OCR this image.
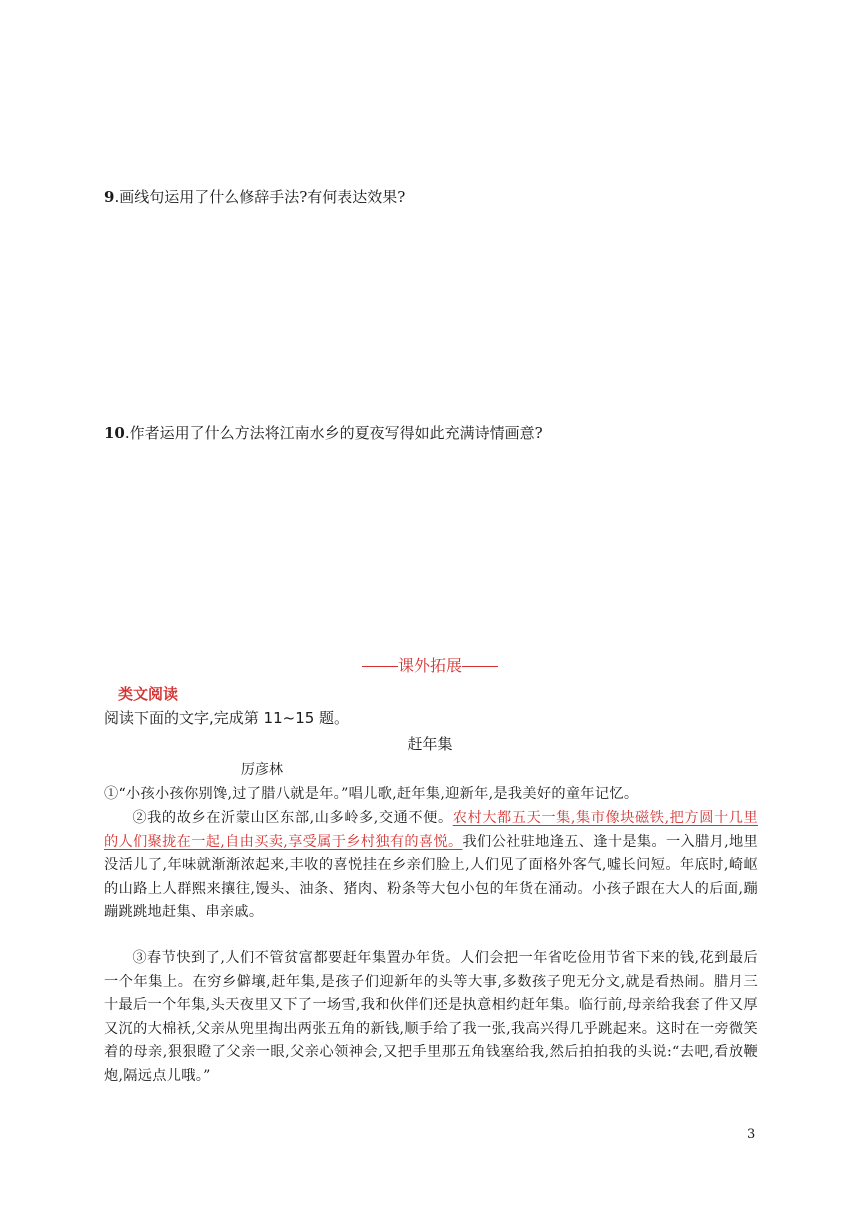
9.画线句运用了什么修辞手法?有何表达效果?
10.作者运用了什么方法将江南水乡的夏夜写得如此充满诗情画意?
课外拓展
类文阅读
阅读下面的文字,完成第 11~15 题。
赶年集
厉彦林
①“小孩小孩你别馋,过了腊八就是年。”唱儿歌,赶年集,迎新年,是我美好的童年记忆。
②我的故乡在沂蒙山区东部,山多岭多,交通不便。农村大都五天一集,集市像块磁铁,把方圆十几里的人们聚拢在一起,自由买卖,享受属于乡村独有的喜悦。我们公社驻地逢五、逢十是集。一入腊月,地里没活儿了,年味就渐渐浓起来,丰收的喜悦挂在乡亲们脸上,人们见了面格外客气,嘘长问短。年底时,崎岖的山路上人群熙来攘往,馒头、油条、猪肉、粉条等大包小包的年货在涌动。小孩子跟在大人的后面,蹦蹦跳跳地赶集、串亲戚。
③春节快到了,人们不管贫富都要赶年集置办年货。人们会把一年省吃俭用节省下来的钱,花到最后一个年集上。在穷乡僻壤,赶年集,是孩子们迎新年的头等大事,多数孩子兜无分文,就是看热闹。腊月三十最后一个年集,头天夜里又下了一场雪,我和伙伴们还是执意相约赶年集。临行前,母亲给我套了件又厚又沉的大棉袄,父亲从兜里掏出两张五角的新钱,顺手给了我一张,我高兴得几乎跳起来。这时在一旁微笑着的母亲,狠狠瞪了父亲一眼,父亲心领神会,又把手里那五角钱塞给我,然后拍拍我的头说:“去吧,看放鞭炮,隔远点儿哦。”
3
